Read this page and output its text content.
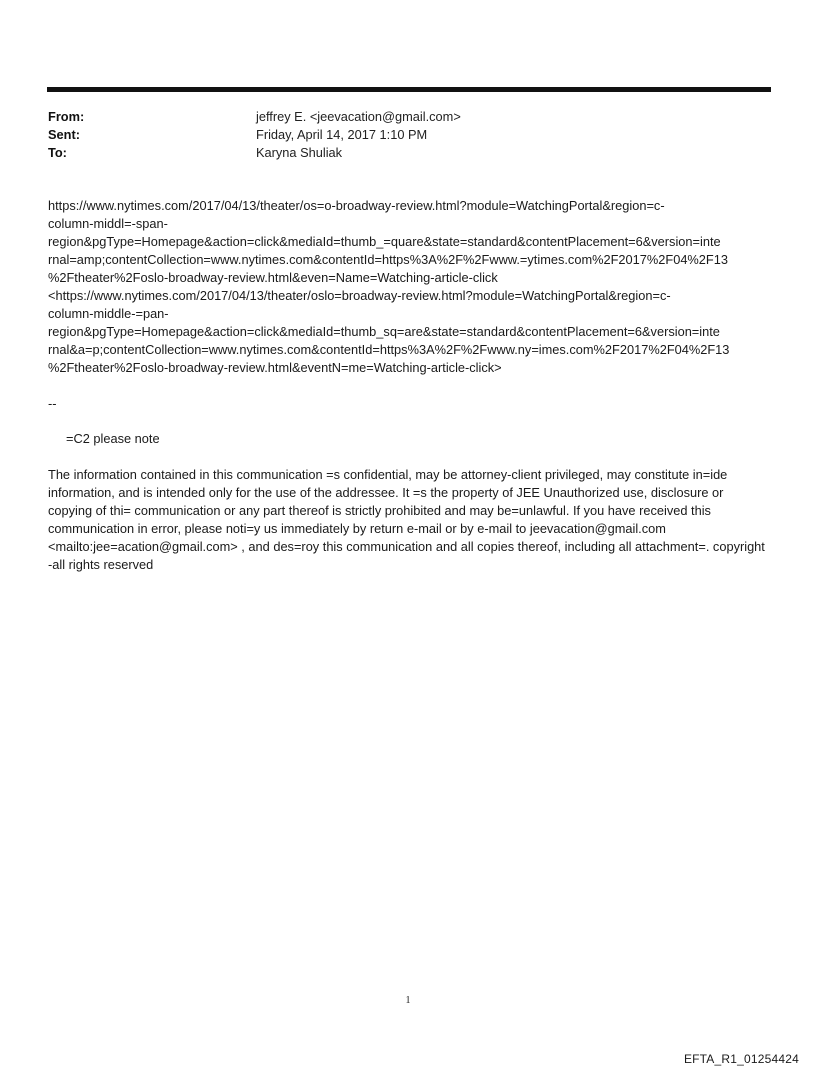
From:	jeffrey E. <jeevacation@gmail.com>
Sent:	Friday, April 14, 2017 1:10 PM
To:	Karyna Shuliak
https://www.nytimes.com/2017/04/13/theater/os=o-broadway-review.html?module=WatchingPortal&region=c-
column-middl=-span-
region&pgType=Homepage&action=click&mediaId=thumb_=quare&state=standard&contentPlacement=6&version=inte
rnal=amp;contentCollection=www.nytimes.com&contentId=https%3A%2F%2Fwww.=ytimes.com%2F2017%2F04%2F13
%2Ftheater%2Foslo-broadway-review.html&even=Name=Watching-article-click
<https://www.nytimes.com/2017/04/13/theater/oslo=broadway-review.html?module=WatchingPortal&region=c-
column-middle-=pan-
region&pgType=Homepage&action=click&mediaId=thumb_sq=are&state=standard&contentPlacement=6&version=inte
rnal&a=p;contentCollection=www.nytimes.com&contentId=https%3A%2F%2Fwww.ny=imes.com%2F2017%2F04%2F13
%2Ftheater%2Foslo-broadway-review.html&eventN=me=Watching-article-click>
--
=C2 please note

The information contained in this communication =s confidential, may be attorney-client privileged, may constitute in=ide information, and is intended only for the use of the addressee. It =s the property of JEE Unauthorized use, disclosure or copying of thi= communication or any part thereof is strictly prohibited and may be=unlawful. If you have received this communication in error, please noti=y us immediately by return e-mail or by e-mail to jeevacation@gmail.com <mailto:jee=acation@gmail.com> , and des=roy this communication and all copies thereof, including all attachment=. copyright -all rights reserved

1
EFTA_R1_01254424
